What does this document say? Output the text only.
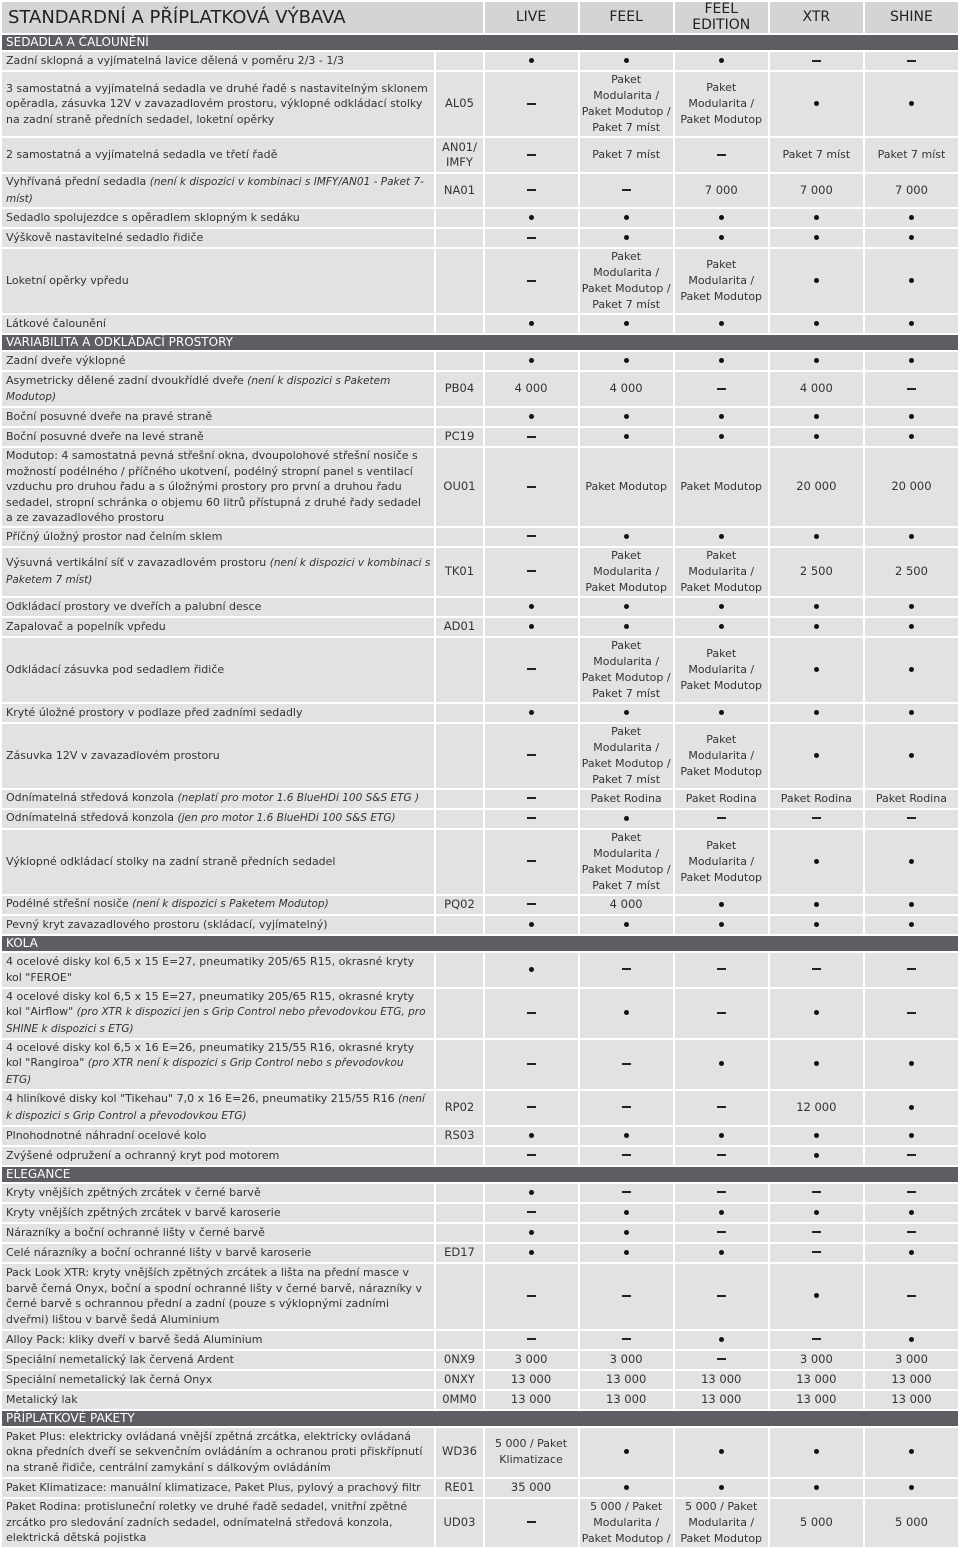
STANDARDNÍ A PŘÍPLATKOVÁ VÝBAVA		LIVE	FEEL	FEEL EDITION	XTR	SHINE
SEDADLA A ČALOUNĚNÍ						
Zadní sklopná a vyjímatelná lavice dělená v poměru 2/3 - 1/3						
3 samostatná a vyjímatelná sedadla ve druhé řadě s nastavitelným sklonem opěradla, zásuvka 12V v zavazadlovém prostoru, výklopné odkládací stolky na zadní straně předních sedadel, loketní opěrky	AL05		Paket Modularita / Paket Modutop / Paket 7 míst	Paket Modularita / Paket Modutop		
2 samostatná a vyjímatelná sedadla ve třetí řadě	AN01/ IMFY		Paket 7 míst		Paket 7 míst	Paket 7 míst
Vyhřívaná přední sedadla (není k dispozici v kombinaci s IMFY/AN01 - Paket 7-míst)	NA01			7 000	7 000	7 000
Sedadlo spolujezdce s opěradlem sklopným k sedáku						
Výškově nastavitelné sedadlo řidiče						
Loketní opěrky vpředu			Paket Modularita / Paket Modutop / Paket 7 míst	Paket Modularita / Paket Modutop		
Látkové čalounění						
VARIABILITA A ODKLÁDACÍ PROSTORY						
Zadní dveře výklopné						
Asymetricky dělené zadní dvoukřídlé dveře (není k dispozici s Paketem Modutop)	PB04	4 000	4 000		4 000	
Boční posuvné dveře na pravé straně						
Boční posuvné dveře na levé straně	PC19					
Modutop: 4 samostatná pevná střešní okna, dvoupolohové střešní nosiče s možností podélného / příčného ukotvení, podélný stropní panel s ventilací vzduchu pro druhou řadu a s úložnými prostory pro první a druhou řadu sedadel, stropní schránka o objemu 60 litrů přístupná z druhé řady sedadel a ze zavazadlového prostoru	OU01		Paket Modutop	Paket Modutop	20 000	20 000
Příčný úložný prostor nad čelním sklem						
Výsuvná vertikální síť v zavazadlovém prostoru (není k dispozici v kombinaci s Paketem 7 míst)	TK01		Paket Modularita / Paket Modutop	Paket Modularita / Paket Modutop	2 500	2 500
Odkládací prostory ve dveřích a palubní desce						
Zapalovač a popelník vpředu	AD01					
Odkládací zásuvka pod sedadlem řidiče			Paket Modularita / Paket Modutop / Paket 7 míst	Paket Modularita / Paket Modutop		
Kryté úložné prostory v podlaze před zadními sedadly						
Zásuvka 12V v zavazadlovém prostoru			Paket Modularita / Paket Modutop / Paket 7 míst	Paket Modularita / Paket Modutop		
Odnímatelná středová konzola (neplatí pro motor 1.6 BlueHDi 100 S&S ETG )			Paket Rodina	Paket Rodina	Paket Rodina	Paket Rodina
Odnímatelná středová konzola (jen pro motor 1.6 BlueHDi 100 S&S ETG)						
Výklopné odkládací stolky na zadní straně předních sedadel			Paket Modularita / Paket Modutop / Paket 7 míst	Paket Modularita / Paket Modutop		
Podélné střešní nosiče (není k dispozici s Paketem Modutop)	PQ02		4 000			
Pevný kryt zavazadlového prostoru (skládací, vyjímatelný)						
KOLA						
4 ocelové disky kol 6,5 x 15 E=27, pneumatiky 205/65 R15, okrasné kryty kol "FEROE"						
4 ocelové disky kol 6,5 x 15 E=27, pneumatiky 205/65 R15, okrasné kryty kol "Airflow" (pro XTR k dispozici jen s Grip Control nebo převodovkou ETG, pro SHINE k dispozici s ETG)						
4 ocelové disky kol 6,5 x 16 E=26, pneumatiky 215/55 R16, okrasné kryty kol "Rangiroa" (pro XTR není k dispozici s Grip Control nebo s převodovkou ETG)						
4 hliníkové disky kol "Tikehau" 7,0 x 16 E=26, pneumatiky 215/55 R16 (není k dispozici s Grip Control a převodovkou ETG)	RP02				12 000	
Plnohodnotné náhradní ocelové kolo	RS03					
Zvýšené odpružení a ochranný kryt pod motorem						
ELEGANCE						
Kryty vnějších zpětných zrcátek v černé barvě						
Kryty vnějších zpětných zrcátek v barvě karoserie						
Nárazníky a boční ochranné lišty v černé barvě						
Celé nárazníky a boční ochranné lišty v barvě karoserie	ED17					
Pack Look XTR: kryty vnějších zpětných zrcátek a lišta na přední masce v barvě černá Onyx, boční a spodní ochranné lišty v černé barvě, nárazníky v černé barvě s ochrannou přední a zadní (pouze s výklopnými zadními dveřmi) lištou v barvě šedá Aluminium						
Alloy Pack: kliky dveří v barvě šedá Aluminium						
Speciální nemetalický lak červená Ardent	0NX9	3 000	3 000		3 000	3 000
Speciální nemetalický lak černá Onyx	0NXY	13 000	13 000	13 000	13 000	13 000
Metalický lak	0MM0	13 000	13 000	13 000	13 000	13 000
PŘÍPLATKOVÉ PAKETY						
Paket Plus: elektricky ovládaná vnější zpětná zrcátka, elektricky ovládaná okna předních dveří se sekvenčním ovládáním a ochranou proti přiskřípnutí na straně řidiče, centrální zamykání s dálkovým ovládáním	WD36	5 000 / Paket Klimatizace				
Paket Klimatizace: manuální klimatizace, Paket Plus, pylový a prachový filtr	RE01	35 000				
Paket Rodina: protisluneční roletky ve druhé řadě sedadel, vnitřní zpětné zrcátko pro sledování zadních sedadel, odnímatelná středová konzola, elektrická dětská pojistka	UD03		5 000 / Paket Modularita / Paket Modutop /	5 000 / Paket Modularita / Paket Modutop	5 000	5 000
